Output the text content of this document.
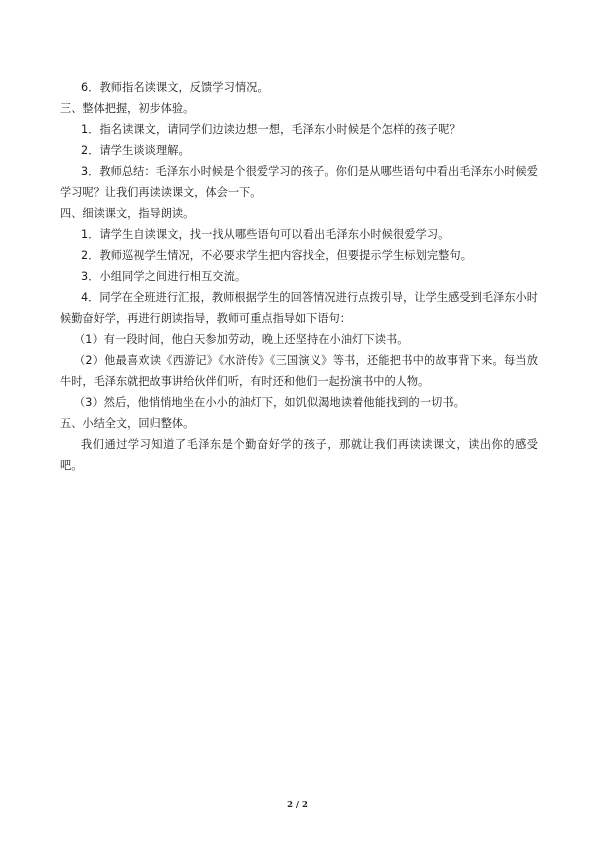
6．教师指名读课文，反馈学习情况。

三、整体把握，初步体验。

1．指名读课文，请同学们边读边想一想，毛泽东小时候是个怎样的孩子呢？

2．请学生谈谈理解。

3．教师总结：毛泽东小时候是个很爱学习的孩子。你们是从哪些语句中看出毛泽东小时候爱学习呢？让我们再读读课文，体会一下。

四、细读课文，指导朗读。

1．请学生自读课文，找一找从哪些语句可以看出毛泽东小时候很爱学习。

2．教师巡视学生情况，不必要求学生把内容找全，但要提示学生标划完整句。

3．小组同学之间进行相互交流。

4．同学在全班进行汇报，教师根据学生的回答情况进行点拨引导，让学生感受到毛泽东小时候勤奋好学，再进行朗读指导，教师可重点指导如下语句：

（1）有一段时间，他白天参加劳动，晚上还坚持在小油灯下读书。

（2）他最喜欢读《西游记》《水浒传》《三国演义》等书，还能把书中的故事背下来。每当放牛时，毛泽东就把故事讲给伙伴们听，有时还和他们一起扮演书中的人物。

（3）然后，他悄悄地坐在小小的油灯下，如饥似渴地读着他能找到的一切书。

五、小结全文，回归整体。

我们通过学习知道了毛泽东是个勤奋好学的孩子，那就让我们再读读课文，读出你的感受吧。

2 / 2
